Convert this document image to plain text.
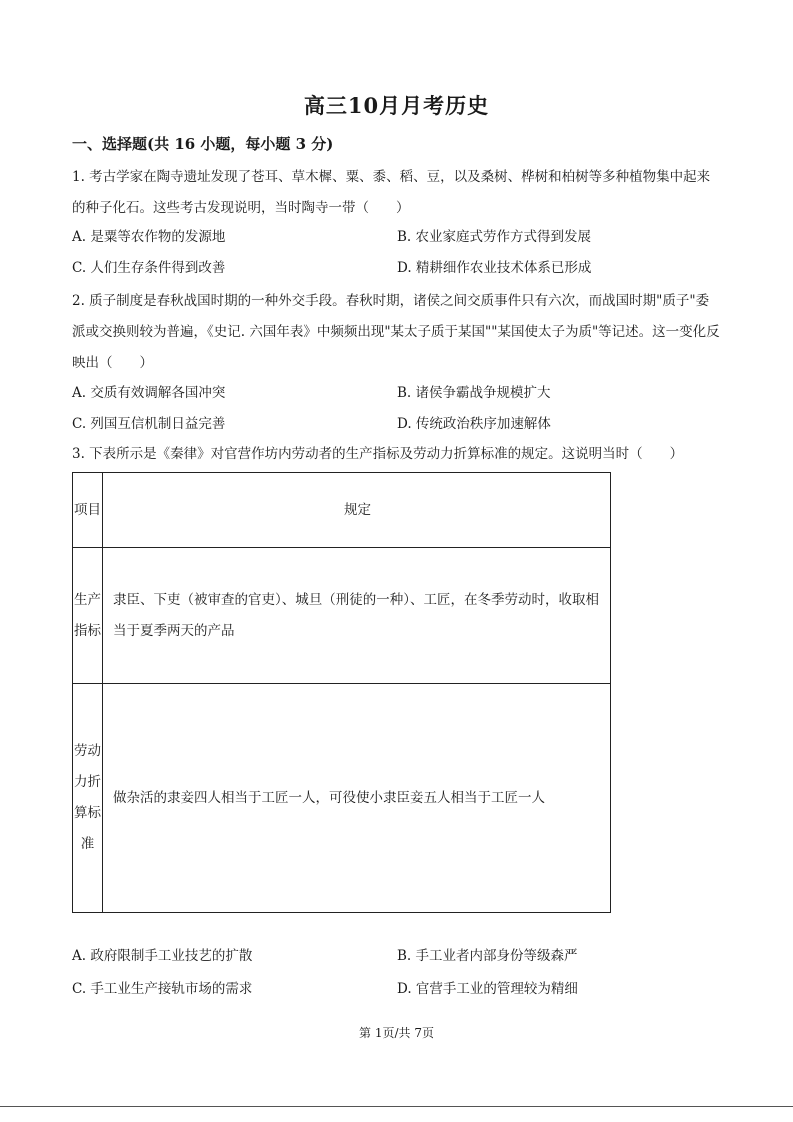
高三10月月考历史
一、选择题(共 16 小题，每小题 3 分)
1. 考古学家在陶寺遗址发现了苍耳、草木樨、粟、黍、稻、豆，以及桑树、桦树和柏树等多种植物集中起来的种子化石。这些考古发现说明，当时陶寺一带（　　）
A. 是粟等农作物的发源地	B. 农业家庭式劳作方式得到发展
C. 人们生存条件得到改善	D. 精耕细作农业技术体系已形成
2. 质子制度是春秋战国时期的一种外交手段。春秋时期，诸侯之间交质事件只有六次，而战国时期"质子"委派或交换则较为普遍，《史记. 六国年表》中频频出现"某太子质于某国""某国使太子为质"等记述。这一变化反映出（　　）
A. 交质有效调解各国冲突	B. 诸侯争霸战争规模扩大
C. 列国互信机制日益完善	D. 传统政治秩序加速解体
3. 下表所示是《秦律》对官营作坊内劳动者的生产指标及劳动力折算标准的规定。这说明当时（　　）
项目	规定
生产指标	隶臣、下吏（被审查的官吏）、城旦（刑徒的一种）、工匠，在冬季劳动时，收取相当于夏季两天的产品
劳动力折算标准	做杂活的隶妾四人相当于工匠一人，可役使小隶臣妾五人相当于工匠一人
A. 政府限制手工业技艺的扩散	B. 手工业者内部身份等级森严
C. 手工业生产接轨市场的需求	D. 官营手工业的管理较为精细
第 1页/共 7页
